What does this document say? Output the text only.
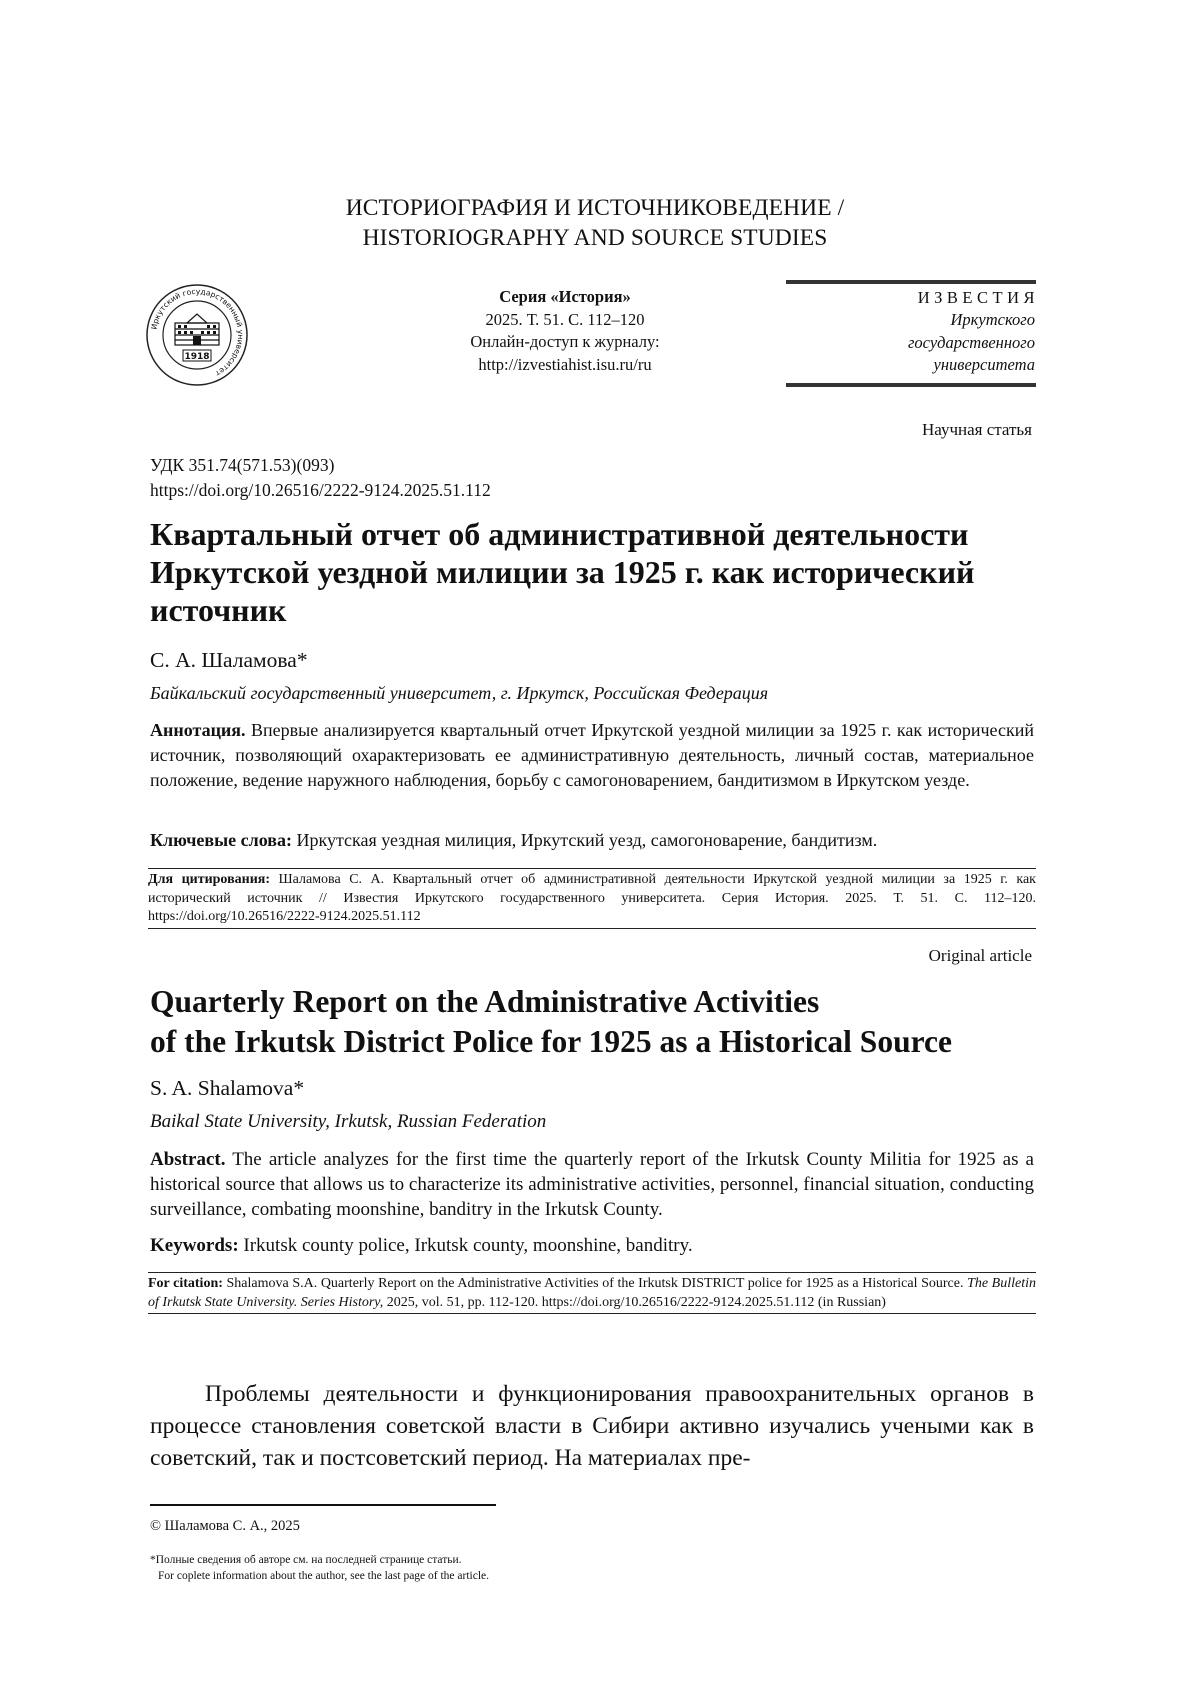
ИСТОРИОГРАФИЯ И ИСТОЧНИКОВЕДЕНИЕ /
HISTORIOGRAPHY AND SOURCE STUDIES
Иркутский государственный университет
1918
Серия «История»
2025. Т. 51. С. 112–120
Онлайн-доступ к журналу:
http://izvestiahist.isu.ru/ru
ИЗВЕСТИЯ
Иркутского
государственного
университета
Научная статья
УДК 351.74(571.53)(093)
https://doi.org/10.26516/2222-9124.2025.51.112
Квартальный отчет об административной деятельности
Иркутской уездной милиции за 1925 г. как исторический
источник
С. А. Шаламова*
Байкальский государственный университет, г. Иркутск, Российская Федерация
Аннотация. Впервые анализируется квартальный отчет Иркутской уездной милиции за 1925 г. как исторический источник, позволяющий охарактеризовать ее административную деятельность, личный состав, материальное положение, ведение наружного наблюдения, борьбу с самогоноварением, бандитизмом в Иркутском уезде.
Ключевые слова: Иркутская уездная милиция, Иркутский уезд, самогоноварение, бандитизм.
Для цитирования: Шаламова С. А. Квартальный отчет об административной деятельности Иркутской уездной милиции за 1925 г. как исторический источник // Известия Иркутского государственного университета. Серия История. 2025. Т. 51. С. 112–120. https://doi.org/10.26516/2222-9124.2025.51.112
Original article
Quarterly Report on the Administrative Activities
of the Irkutsk District Police for 1925 as a Historical Source
S. A. Shalamova*
Baikal State University, Irkutsk, Russian Federation
Abstract. The article analyzes for the first time the quarterly report of the Irkutsk County Militia for 1925 as a historical source that allows us to characterize its administrative activities, personnel, financial situation, conducting surveillance, combating moonshine, banditry in the Irkutsk County.
Keywords: Irkutsk county police, Irkutsk county, moonshine, banditry.
For citation: Shalamova S.A. Quarterly Report on the Administrative Activities of the Irkutsk DISTRICT police for 1925 as a Historical Source. The Bulletin of Irkutsk State University. Series History, 2025, vol. 51, pp. 112-120. https://doi.org/10.26516/2222-9124.2025.51.112 (in Russian)
Проблемы деятельности и функционирования правоохранительных органов в процессе становления советской власти в Сибири активно изучались учеными как в советский, так и постсоветский период. На материалах пре-
© Шаламова С. А., 2025
*Полные сведения об авторе см. на последней странице статьи.
For coplete information about the author, see the last page of the article.
